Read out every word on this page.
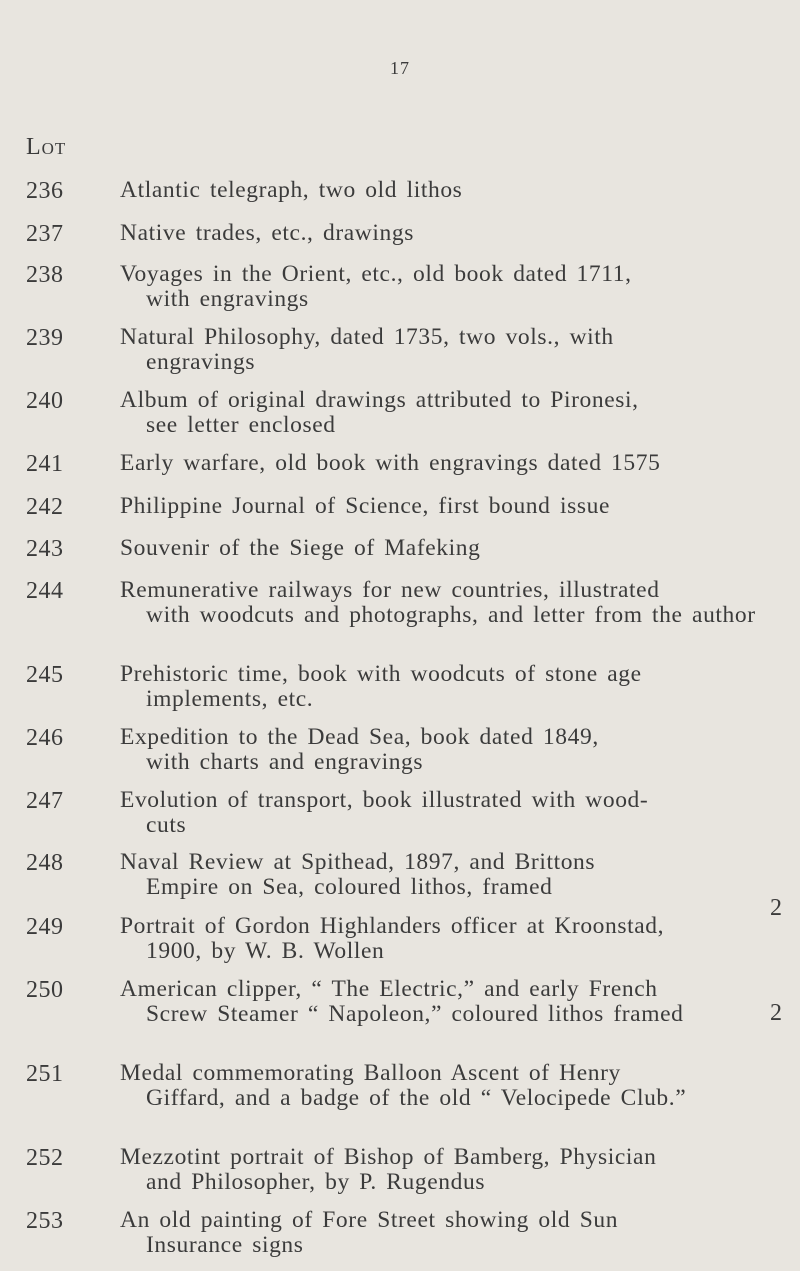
17
Lot
236 Atlantic telegraph, two old lithos
237 Native trades, etc., drawings
238 Voyages in the Orient, etc., old book dated 1711,
with engravings
239 Natural Philosophy, dated 1735, two vols., with
engravings
240 Album of original drawings attributed to Pironesi,
see letter enclosed
241 Early warfare, old book with engravings dated 1575
242 Philippine Journal of Science, first bound issue
243 Souvenir of the Siege of Mafeking
244 Remunerative railways for new countries, illustrated
with woodcuts and photographs, and letter from the author
245 Prehistoric time, book with woodcuts of stone age
implements, etc.
246 Expedition to the Dead Sea, book dated 1849,
with charts and engravings
247 Evolution of transport, book illustrated with wood-
cuts
248 Naval Review at Spithead, 1897, and Brittons
Empire on Sea, coloured lithos, framed
249 Portrait of Gordon Highlanders officer at Kroonstad,
1900, by W. B. Wollen
250 American clipper, “ The Electric,” and early French
Screw Steamer “ Napoleon,” coloured lithos framed
251 Medal commemorating Balloon Ascent of Henry
Giffard, and a badge of the old “ Velocipede Club.”
252 Mezzotint portrait of Bishop of Bamberg, Physician
and Philosopher, by P. Rugendus
253 An old painting of Fore Street showing old Sun
Insurance signs
2
2
